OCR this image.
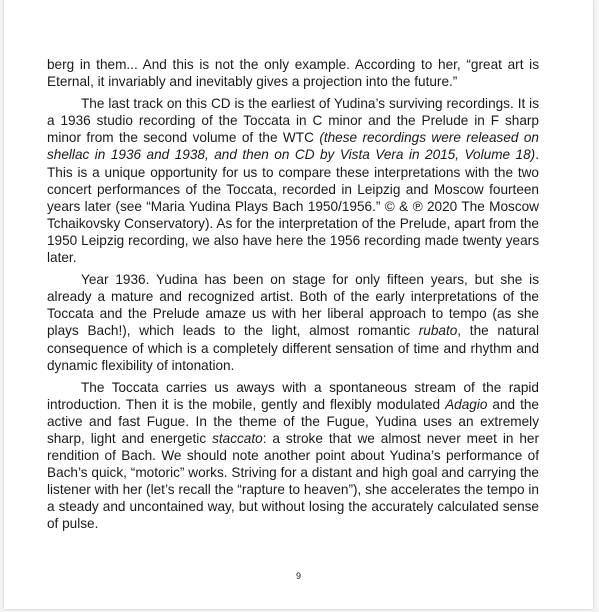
berg in them... And this is not the only example. According to her, “great art is Eternal, it invariably and inevitably gives a projection into the future.”

The last track on this CD is the earliest of Yudina’s surviving recordings. It is a 1936 studio recording of the Toccata in C minor and the Prelude in F sharp minor from the second volume of the WTC (these recordings were released on shellac in 1936 and 1938, and then on CD by Vista Vera in 2015, Volume 18). This is a unique opportunity for us to compare these interpretations with the two concert performances of the Toccata, recorded in Leipzig and Moscow fourteen years later (see “Maria Yudina Plays Bach 1950/1956.” © & ℗ 2020 The Moscow Tchaikovsky Conservatory). As for the interpretation of the Prelude, apart from the 1950 Leipzig recording, we also have here the 1956 recording made twenty years later.

Year 1936. Yudina has been on stage for only fifteen years, but she is already a mature and recognized artist. Both of the early interpretations of the Toccata and the Prelude amaze us with her liberal approach to tempo (as she plays Bach!), which leads to the light, almost romantic rubato, the natural consequence of which is a completely different sensation of time and rhythm and dynamic flexibility of intonation.

The Toccata carries us aways with a spontaneous stream of the rapid introduction. Then it is the mobile, gently and flexibly modulated Adagio and the active and fast Fugue. In the theme of the Fugue, Yudina uses an extremely sharp, light and energetic staccato: a stroke that we almost never meet in her rendition of Bach. We should note another point about Yudina’s performance of Bach’s quick, “motoric” works. Striving for a distant and high goal and carrying the listener with her (let’s recall the “rapture to heaven”), she accelerates the tempo in a steady and uncontained way, but without losing the accurately calculated sense of pulse.

9
